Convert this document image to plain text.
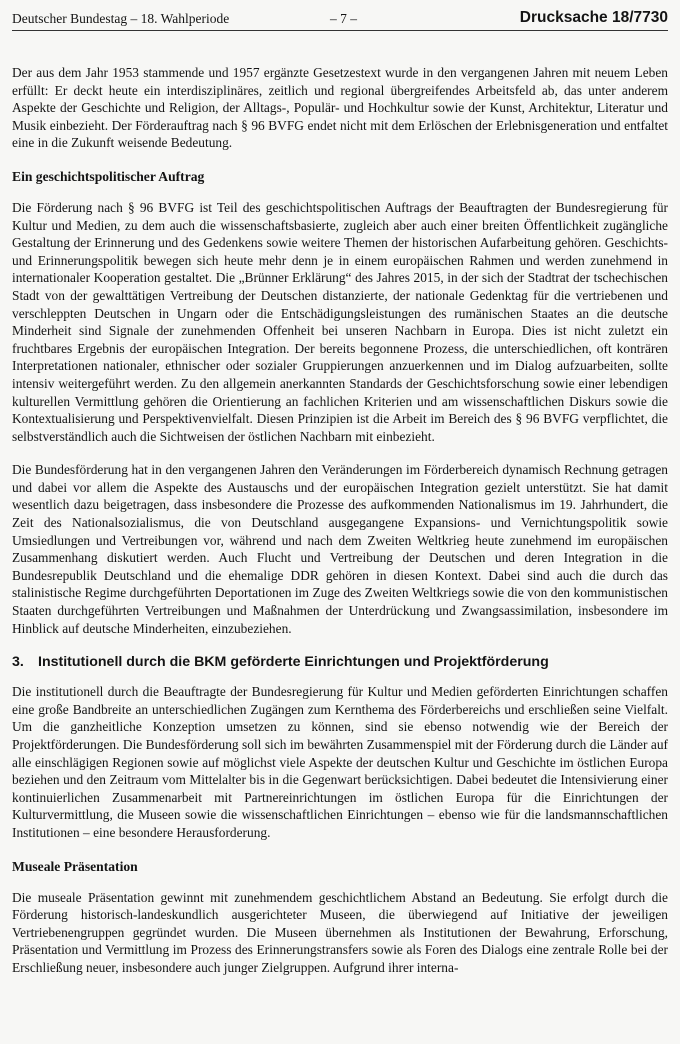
Deutscher Bundestag – 18. Wahlperiode	– 7 –	Drucksache 18/7730

Der aus dem Jahr 1953 stammende und 1957 ergänzte Gesetzestext wurde in den vergangenen Jahren mit neuem Leben erfüllt: Er deckt heute ein interdisziplinäres, zeitlich und regional übergreifendes Arbeitsfeld ab, das unter anderem Aspekte der Geschichte und Religion, der Alltags-, Populär- und Hochkultur sowie der Kunst, Architektur, Literatur und Musik einbezieht. Der Förderauftrag nach § 96 BVFG endet nicht mit dem Erlöschen der Erlebnisgeneration und entfaltet eine in die Zukunft weisende Bedeutung.

Ein geschichtspolitischer Auftrag

Die Förderung nach § 96 BVFG ist Teil des geschichtspolitischen Auftrags der Beauftragten der Bundesregierung für Kultur und Medien, zu dem auch die wissenschaftsbasierte, zugleich aber auch einer breiten Öffentlichkeit zugängliche Gestaltung der Erinnerung und des Gedenkens sowie weitere Themen der historischen Aufarbeitung gehören. Geschichts- und Erinnerungspolitik bewegen sich heute mehr denn je in einem europäischen Rahmen und werden zunehmend in internationaler Kooperation gestaltet. Die „Brünner Erklärung“ des Jahres 2015, in der sich der Stadtrat der tschechischen Stadt von der gewalttätigen Vertreibung der Deutschen distanzierte, der nationale Gedenktag für die vertriebenen und verschleppten Deutschen in Ungarn oder die Entschädigungsleistungen des rumänischen Staates an die deutsche Minderheit sind Signale der zunehmenden Offenheit bei unseren Nachbarn in Europa. Dies ist nicht zuletzt ein fruchtbares Ergebnis der europäischen Integration. Der bereits begonnene Prozess, die unterschiedlichen, oft konträren Interpretationen nationaler, ethnischer oder sozialer Gruppierungen anzuerkennen und im Dialog aufzuarbeiten, sollte intensiv weitergeführt werden. Zu den allgemein anerkannten Standards der Geschichtsforschung sowie einer lebendigen kulturellen Vermittlung gehören die Orientierung an fachlichen Kriterien und am wissenschaftlichen Diskurs sowie die Kontextualisierung und Perspektivenvielfalt. Diesen Prinzipien ist die Arbeit im Bereich des § 96 BVFG verpflichtet, die selbstverständlich auch die Sichtweisen der östlichen Nachbarn mit einbezieht.

Die Bundesförderung hat in den vergangenen Jahren den Veränderungen im Förderbereich dynamisch Rechnung getragen und dabei vor allem die Aspekte des Austauschs und der europäischen Integration gezielt unterstützt. Sie hat damit wesentlich dazu beigetragen, dass insbesondere die Prozesse des aufkommenden Nationalismus im 19. Jahrhundert, die Zeit des Nationalsozialismus, die von Deutschland ausgegangene Expansions- und Vernichtungspolitik sowie Umsiedlungen und Vertreibungen vor, während und nach dem Zweiten Weltkrieg heute zunehmend im europäischen Zusammenhang diskutiert werden. Auch Flucht und Vertreibung der Deutschen und deren Integration in die Bundesrepublik Deutschland und die ehemalige DDR gehören in diesen Kontext. Dabei sind auch die durch das stalinistische Regime durchgeführten Deportationen im Zuge des Zweiten Weltkriegs sowie die von den kommunistischen Staaten durchgeführten Vertreibungen und Maßnahmen der Unterdrückung und Zwangsassimilation, insbesondere im Hinblick auf deutsche Minderheiten, einzubeziehen.

3. Institutionell durch die BKM geförderte Einrichtungen und Projektförderung

Die institutionell durch die Beauftragte der Bundesregierung für Kultur und Medien geförderten Einrichtungen schaffen eine große Bandbreite an unterschiedlichen Zugängen zum Kernthema des Förderbereichs und erschließen seine Vielfalt. Um die ganzheitliche Konzeption umsetzen zu können, sind sie ebenso notwendig wie der Bereich der Projektförderungen. Die Bundesförderung soll sich im bewährten Zusammenspiel mit der Förderung durch die Länder auf alle einschlägigen Regionen sowie auf möglichst viele Aspekte der deutschen Kultur und Geschichte im östlichen Europa beziehen und den Zeitraum vom Mittelalter bis in die Gegenwart berücksichtigen. Dabei bedeutet die Intensivierung einer kontinuierlichen Zusammenarbeit mit Partnereinrichtungen im östlichen Europa für die Einrichtungen der Kulturvermittlung, die Museen sowie die wissenschaftlichen Einrichtungen – ebenso wie für die landsmannschaftlichen Institutionen – eine besondere Herausforderung.

Museale Präsentation

Die museale Präsentation gewinnt mit zunehmendem geschichtlichem Abstand an Bedeutung. Sie erfolgt durch die Förderung historisch-landeskundlich ausgerichteter Museen, die überwiegend auf Initiative der jeweiligen Vertriebenengruppen gegründet wurden. Die Museen übernehmen als Institutionen der Bewahrung, Erforschung, Präsentation und Vermittlung im Prozess des Erinnerungstransfers sowie als Foren des Dialogs eine zentrale Rolle bei der Erschließung neuer, insbesondere auch junger Zielgruppen. Aufgrund ihrer interna-
